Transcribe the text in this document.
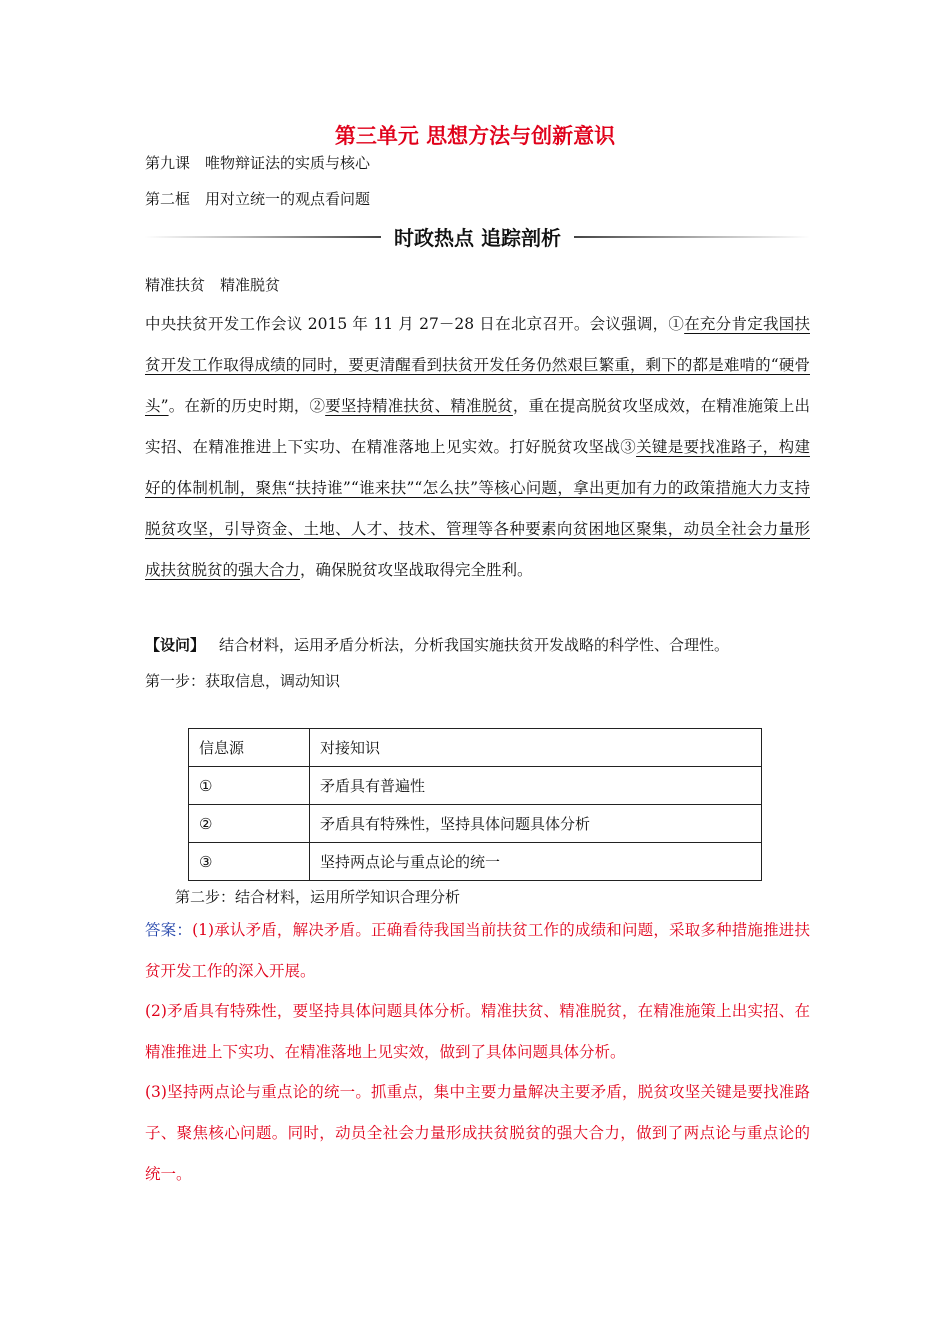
第三单元 思想方法与创新意识
第九课　唯物辩证法的实质与核心
第二框　用对立统一的观点看问题
时政热点 追踪剖析
精准扶贫　精准脱贫
中央扶贫开发工作会议 2015 年 11 月 27－28 日在北京召开。会议强调，①在充分肯定我国扶贫开发工作取得成绩的同时，要更清醒看到扶贫开发任务仍然艰巨繁重，剩下的都是难啃的“硬骨头”。在新的历史时期，②要坚持精准扶贫、精准脱贫，重在提高脱贫攻坚成效，在精准施策上出实招、在精准推进上下实功、在精准落地上见实效。打好脱贫攻坚战③关键是要找准路子，构建好的体制机制，聚焦“扶持谁”“谁来扶”“怎么扶”等核心问题，拿出更加有力的政策措施大力支持脱贫攻坚，引导资金、土地、人才、技术、管理等各种要素向贫困地区聚集，动员全社会力量形成扶贫脱贫的强大合力，确保脱贫攻坚战取得完全胜利。
【设问】 结合材料，运用矛盾分析法，分析我国实施扶贫开发战略的科学性、合理性。
第一步：获取信息，调动知识
信息源	对接知识
①	矛盾具有普遍性
②	矛盾具有特殊性，坚持具体问题具体分析
③	坚持两点论与重点论的统一
第二步：结合材料，运用所学知识合理分析
答案：(1)承认矛盾，解决矛盾。正确看待我国当前扶贫工作的成绩和问题，采取多种措施推进扶贫开发工作的深入开展。
(2)矛盾具有特殊性，要坚持具体问题具体分析。精准扶贫、精准脱贫，在精准施策上出实招、在精准推进上下实功、在精准落地上见实效，做到了具体问题具体分析。
(3)坚持两点论与重点论的统一。抓重点，集中主要力量解决主要矛盾，脱贫攻坚关键是要找准路子、聚焦核心问题。同时，动员全社会力量形成扶贫脱贫的强大合力，做到了两点论与重点论的统一。
